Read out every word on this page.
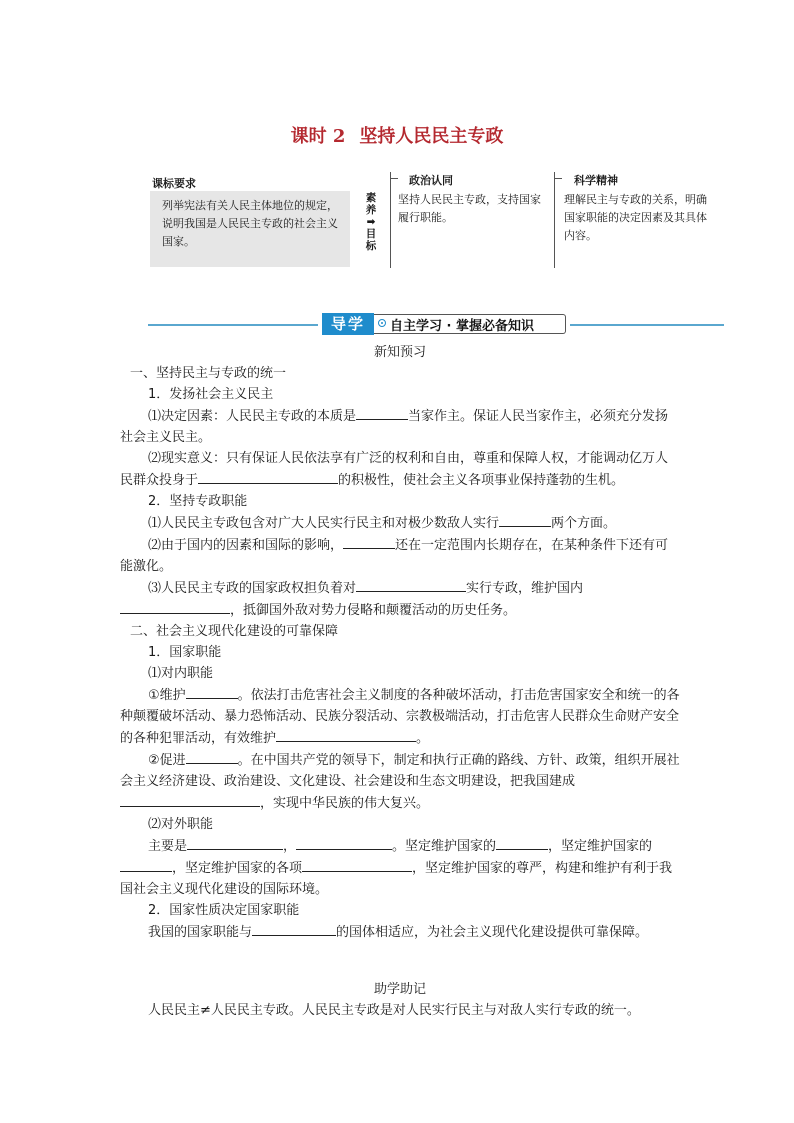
课时 2 坚持人民民主专政
课标要求
列举宪法有关人民主体地位的规定，说明我国是人民民主专政的社会主义国家。
素
养
➡
目
标
政治认同
坚持人民民主专政，支持国家履行职能。
科学精神
理解民主与专政的关系，明确国家职能的决定因素及其具体内容。
导学	自主学习 · 掌握必备知识

新知预习

一、坚持民主与专政的统一

1．发扬社会主义民主

⑴决定因素：人民民主专政的本质是	当家作主。保证人民当家作主，必须充分发扬社会主义民主。

⑵现实意义：只有保证人民依法享有广泛的权利和自由，尊重和保障人权，才能调动亿万人民群众投身于	的积极性，使社会主义各项事业保持蓬勃的生机。

2．坚持专政职能

⑴人民民主专政包含对广大人民实行民主和对极少数敌人实行	两个方面。

⑵由于国内的因素和国际的影响，	还在一定范围内长期存在，在某种条件下还有可能激化。

⑶人民民主专政的国家政权担负着对	实行专政，维护国内 ，抵御国外敌对势力侵略和颠覆活动的历史任务。

二、社会主义现代化建设的可靠保障

1．国家职能

⑴对内职能

①维护	。依法打击危害社会主义制度的各种破坏活动，打击危害国家安全和统一的各种颠覆破坏活动、暴力恐怖活动、民族分裂活动、宗教极端活动，打击危害人民群众生命财产安全的各种犯罪活动，有效维护	。

②促进	。在中国共产党的领导下，制定和执行正确的路线、方针、政策，组织开展社会主义经济建设、政治建设、文化建设、社会建设和生态文明建设，把我国建成，实现中华民族的伟大复兴。

⑵对外职能

主要是	，	。坚定维护国家的	，坚定维护国家的，坚定维护国家的各项	，坚定维护国家的尊严，构建和维护有利于我国社会主义现代化建设的国际环境。

2．国家性质决定国家职能

我国的国家职能与	的国体相适应，为社会主义现代化建设提供可靠保障。

助学助记

人民民主≠人民民主专政。人民民主专政是对人民实行民主与对敌人实行专政的统一。
